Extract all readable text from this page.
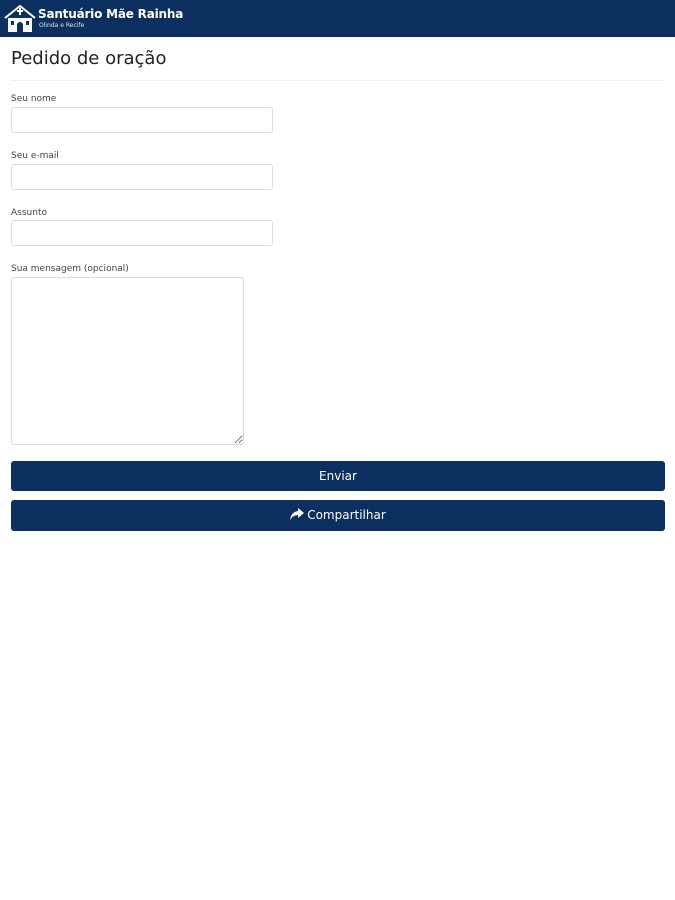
Santuário Mãe Rainha
Olinda e Recife
Pedido de oração
Seu nome
Seu e-mail
Assunto
Sua mensagem (opcional)
Enviar
Compartilhar
